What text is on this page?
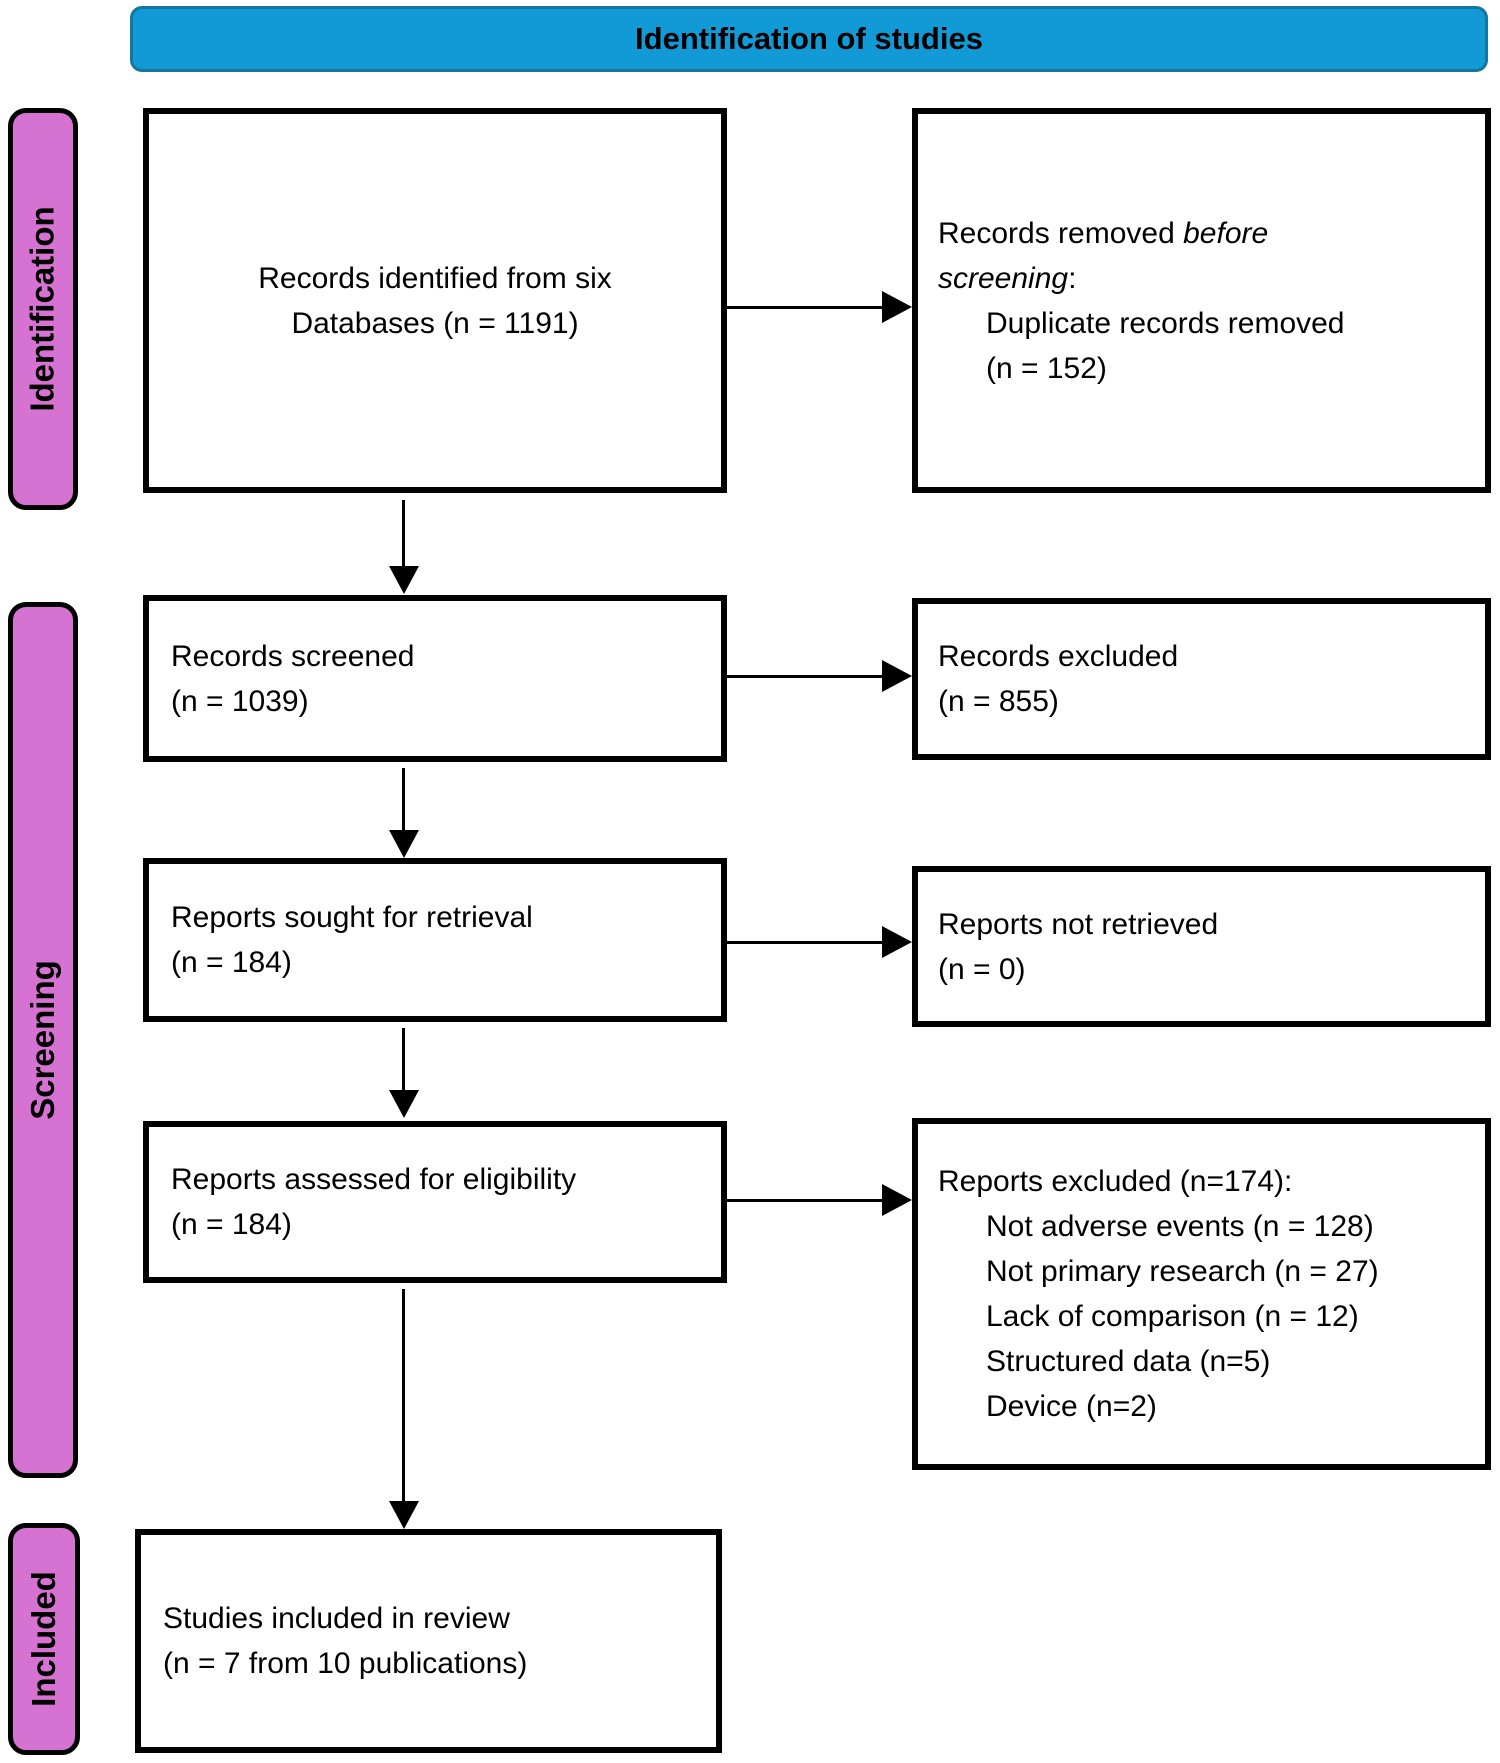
Identification of studies
Identification
Screening
Included
Records identified from six
Databases (n = 1191)
Records removed before
screening:
Duplicate records removed
(n = 152)
Records screened
(n = 1039)
Records excluded
(n = 855)
Reports sought for retrieval
(n = 184)
Reports not retrieved
(n = 0)
Reports assessed for eligibility
(n = 184)
Reports excluded (n=174):
Not adverse events (n = 128)
Not primary research (n = 27)
Lack of comparison (n = 12)
Structured data (n=5)
Device (n=2)
Studies included in review
(n = 7 from 10 publications)
